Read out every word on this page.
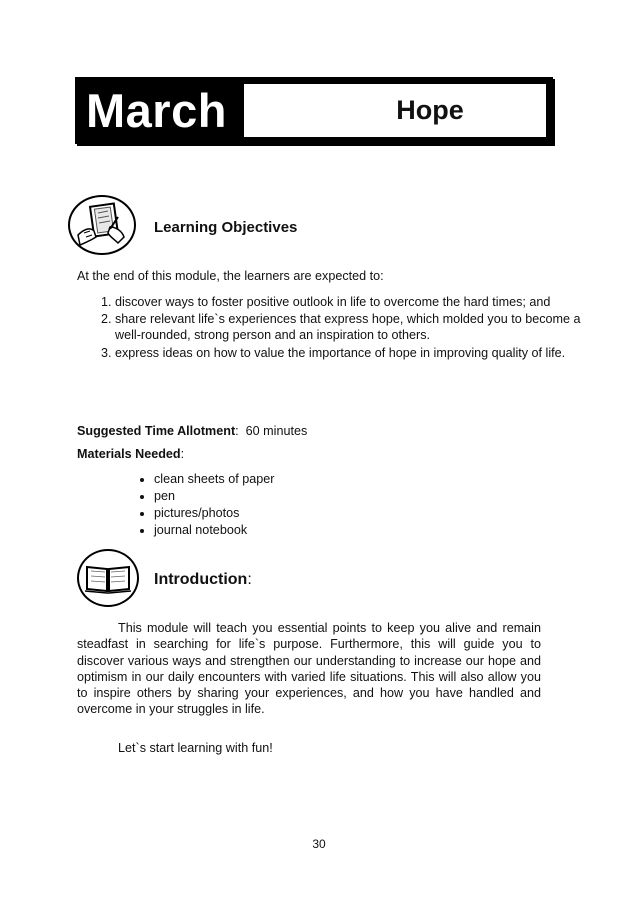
March	Hope
Learning Objectives
At the end of this module, the learners are expected to:
1. discover ways to foster positive outlook in life to overcome the hard times; and
2. share relevant life`s experiences that express hope, which molded you to become a well-rounded, strong person and an inspiration to others.
3. express ideas on how to value the importance of hope in improving quality of life.
Suggested Time Allotment:  60 minutes
Materials Needed:
• clean sheets of paper
• pen
• pictures/photos
• journal notebook
Introduction:

This module will teach you essential points to keep you alive and remain steadfast in searching for life`s purpose. Furthermore, this will guide you to discover various ways and strengthen our understanding to increase our hope and optimism in our daily encounters with varied life situations. This will also allow you to inspire others by sharing your experiences, and how you have handled and overcome in your struggles in life.

Let`s start learning with fun!
30
